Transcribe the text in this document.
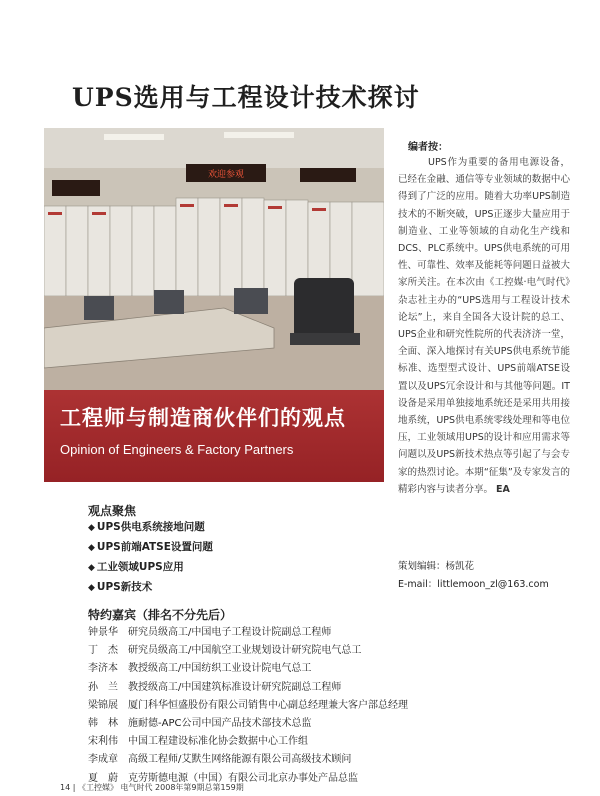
UPS选用与工程设计技术探讨
欢迎参观
工程师与制造商伙伴们的观点
Opinion of Engineers & Factory Partners
编者按：
UPS作为重要的备用电源设备，已经在金融、通信等专业领域的数据中心得到了广泛的应用。随着大功率UPS制造技术的不断突破，UPS正逐步大量应用于制造业、工业等领域的自动化生产线和DCS、PLC系统中。UPS供电系统的可用性、可靠性、效率及能耗等问题日益被大家所关注。在本次由《工控媒·电气时代》杂志社主办的“UPS选用与工程设计技术论坛”上，来自全国各大设计院的总工、UPS企业和研究性院所的代表济济一堂，全面、深入地探讨有关UPS供电系统节能标准、选型型式设计、UPS前端ATSE设置以及UPS冗余设计和与其他等问题。IT设备是采用单独接地系统还是采用共用接地系统，UPS供电系统零线处理和等电位压，工业领域用UPS的设计和应用需求等问题以及UPS新技术热点等引起了与会专家的热烈讨论。本期“征集”及专家发言的精彩内容与读者分享。 EA
策划编辑：杨凯花
E-mail：littlemoon_zl@163.com
观点聚焦
◆ UPS供电系统接地问题
◆ UPS前端ATSE设置问题
◆ 工业领域UPS应用
◆ UPS新技术
特约嘉宾（排名不分先后）
钟景华	研究员级高工/中国电子工程设计院副总工程师
丁　杰	研究员级高工/中国航空工业规划设计研究院电气总工
李济本	教授级高工/中国纺织工业设计院电气总工
孙　兰	教授级高工/中国建筑标准设计研究院副总工程师
梁锦展	厦门科华恒盛股份有限公司销售中心副总经理兼大客户部总经理
韩　林	施耐德-APC公司中国产品技术部技术总监
宋利伟	中国工程建设标准化协会数据中心工作组
李成章	高级工程师/艾默生网络能源有限公司高级技术顾问
夏　蔚	克劳斯德电源（中国）有限公司北京办事处产品总监
14 | 《工控媒》 电气时代 2008年第9期总第159期
